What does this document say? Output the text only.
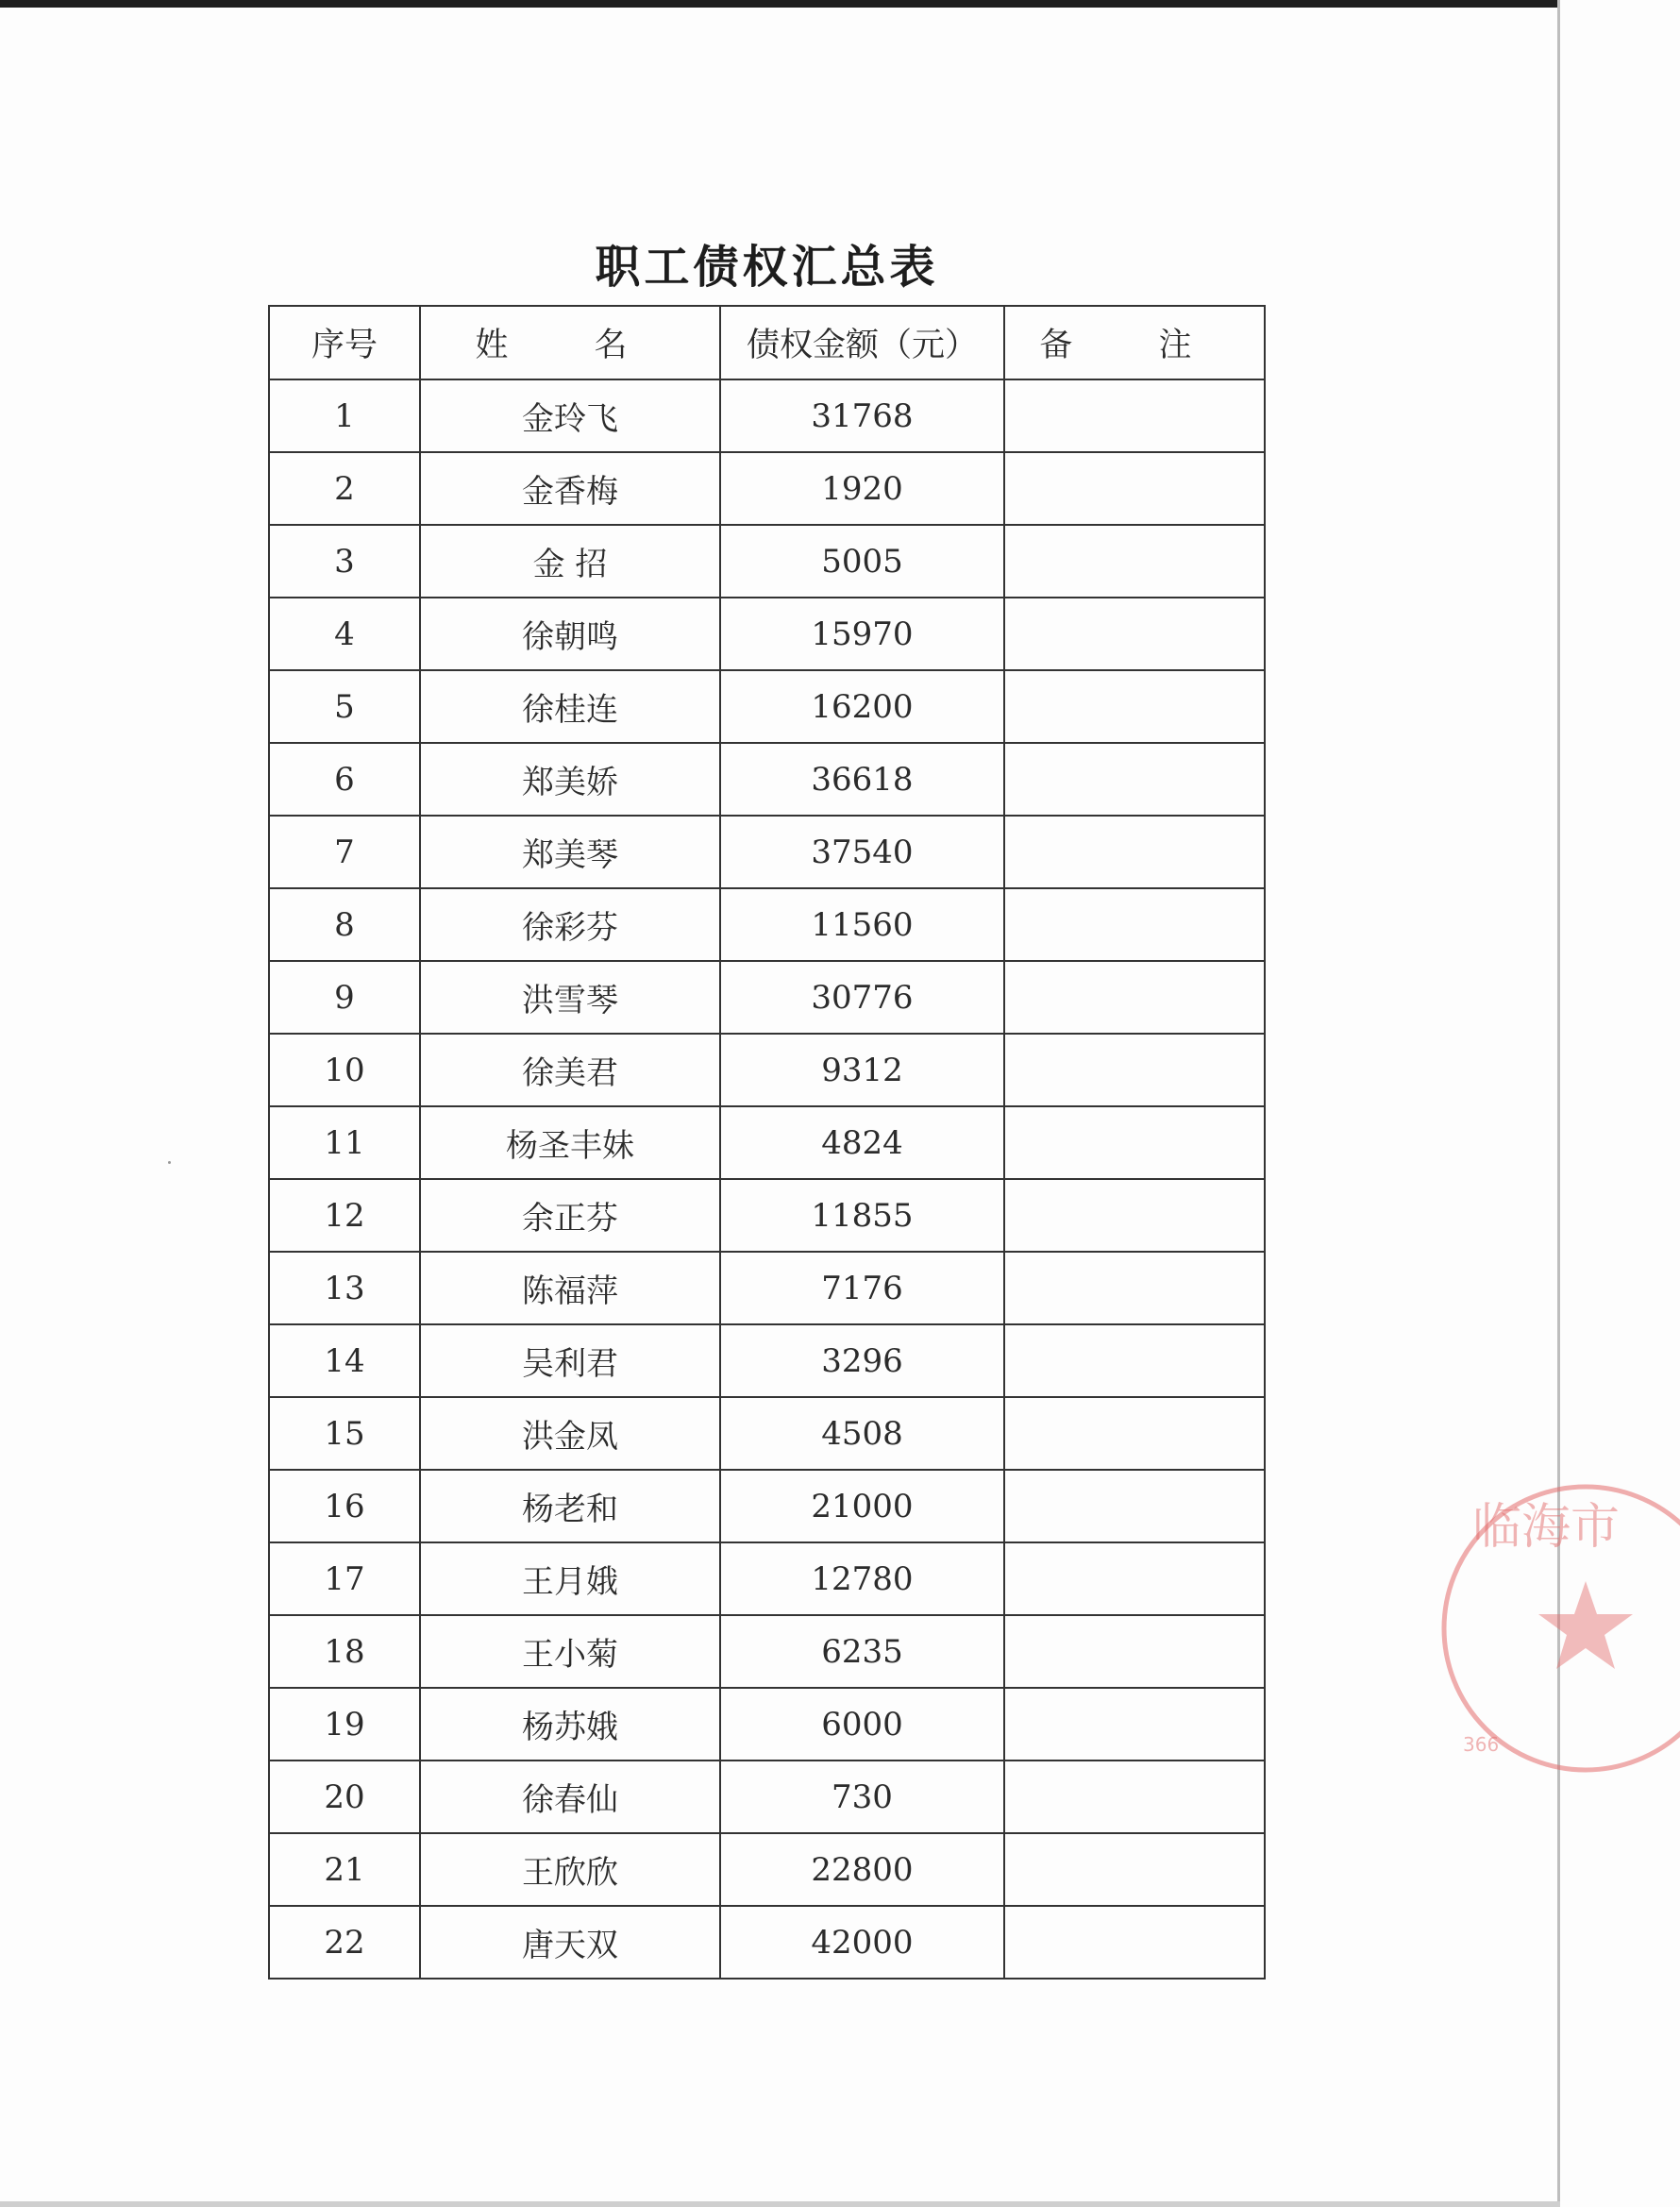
职工债权汇总表
序号	姓 名	债权金额（元）	备 注
1	金玲飞	31768	
2	金香梅	1920	
3	金 招	5005	
4	徐朝鸣	15970	
5	徐桂连	16200	
6	郑美娇	36618	
7	郑美琴	37540	
8	徐彩芬	11560	
9	洪雪琴	30776	
10	徐美君	9312	
11	杨圣丰妹	4824	
12	余正芬	11855	
13	陈福萍	7176	
14	吴利君	3296	
15	洪金凤	4508	
16	杨老和	21000	
17	王月娥	12780	
18	王小菊	6235	
19	杨苏娥	6000	
20	徐春仙	730	
21	王欣欣	22800	
22	唐天双	42000	
临海市
366
